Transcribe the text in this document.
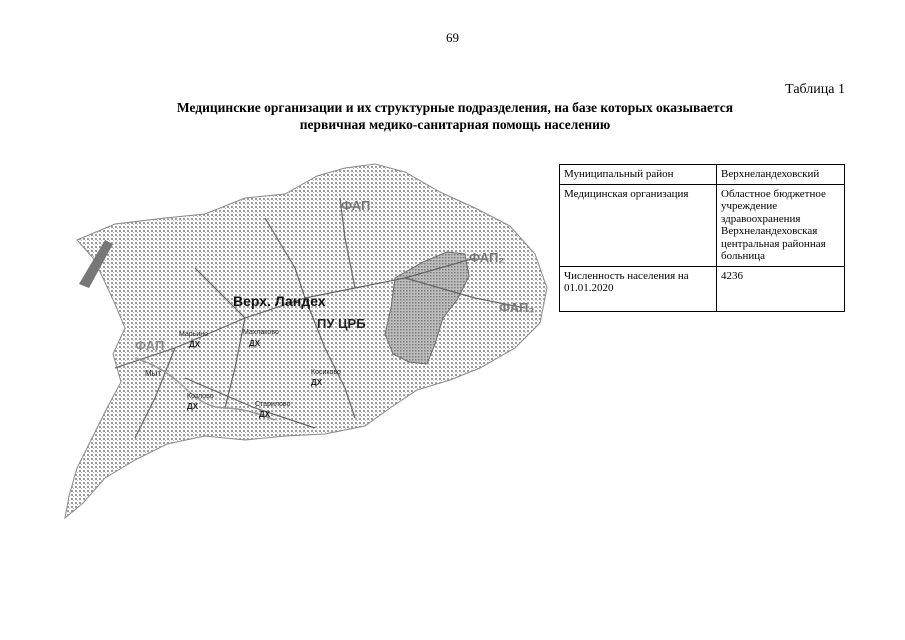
69
Таблица 1
Медицинские организации и их структурные подразделения, на базе которых оказывается
первичная медико-санитарная помощь населению
Верх. Ландех
ПУ ЦРБ
ФАП
ФАП₂
ФАП₃
ФАП
Марьино
ДХ
Махлаково
ДХ
Мыт	Косиково
ДХ
Козлово
ДХ	Старилово
ДХ
Муниципальный район	Верхнеландеховский
Медицинская организация	Областное бюджетное учреждение здравоохранения Верхнеландеховская центральная районная больница
Численность населения на 01.01.2020	4236
